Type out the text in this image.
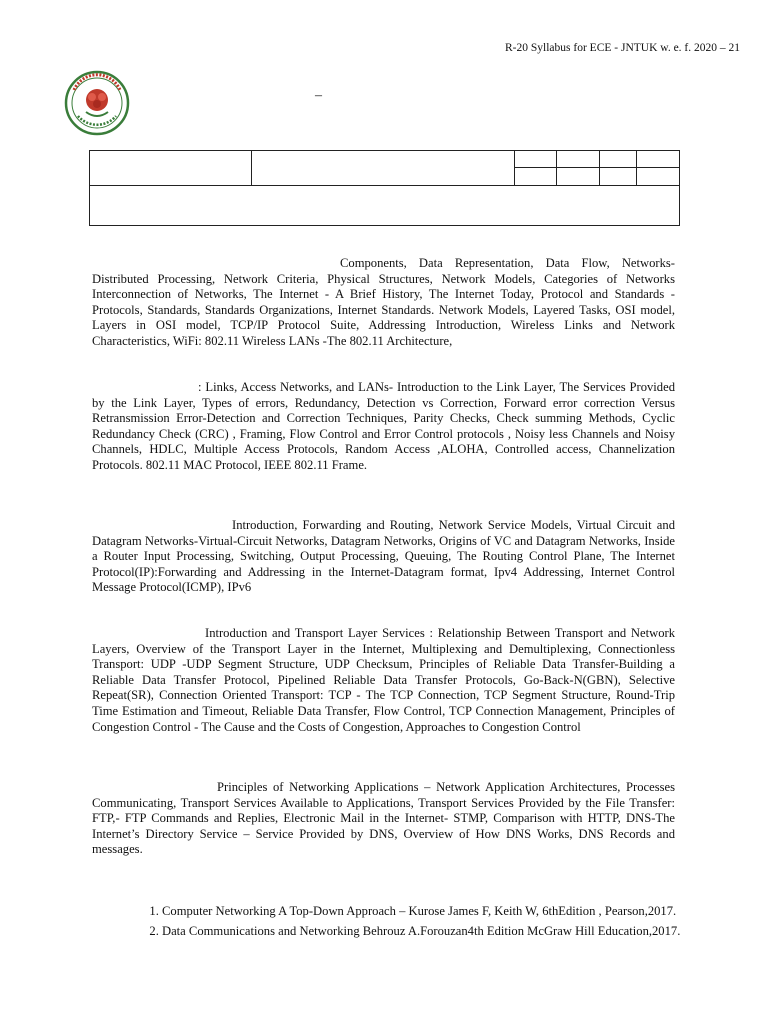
R-20 Syllabus for ECE - JNTUK w. e. f. 2020 – 21
–

Components, Data Representation, Data Flow, Networks-Distributed Processing, Network Criteria, Physical Structures, Network Models, Categories of Networks Interconnection of Networks, The Internet - A Brief History, The Internet Today, Protocol and Standards - Protocols, Standards, Standards Organizations, Internet Standards. Network Models, Layered Tasks, OSI model, Layers in OSI model, TCP/IP Protocol Suite, Addressing Introduction, Wireless Links and Network Characteristics, WiFi: 802.11 Wireless LANs -The 802.11 Architecture,
: Links, Access Networks, and LANs- Introduction to the Link Layer, The Services Provided by the Link Layer, Types of errors, Redundancy, Detection vs Correction, Forward error correction Versus Retransmission Error-Detection and Correction Techniques, Parity Checks, Check summing Methods, Cyclic Redundancy Check (CRC) , Framing, Flow Control and Error Control protocols , Noisy less Channels and Noisy Channels, HDLC, Multiple Access Protocols, Random Access ,ALOHA, Controlled access, Channelization Protocols. 802.11 MAC Protocol, IEEE 802.11 Frame.
Introduction, Forwarding and Routing, Network Service Models, Virtual Circuit and Datagram Networks-Virtual-Circuit Networks, Datagram Networks, Origins of VC and Datagram Networks, Inside a Router Input Processing, Switching, Output Processing, Queuing, The Routing Control Plane, The Internet Protocol(IP):Forwarding and Addressing in the Internet-Datagram format, Ipv4 Addressing, Internet Control Message Protocol(ICMP), IPv6
Introduction and Transport Layer Services : Relationship Between Transport and Network Layers, Overview of the Transport Layer in the Internet, Multiplexing and Demultiplexing, Connectionless Transport: UDP -UDP Segment Structure, UDP Checksum, Principles of Reliable Data Transfer-Building a Reliable Data Transfer Protocol, Pipelined Reliable Data Transfer Protocols, Go-Back-N(GBN), Selective Repeat(SR), Connection Oriented Transport: TCP - The TCP Connection, TCP Segment Structure, Round-Trip Time Estimation and Timeout, Reliable Data Transfer, Flow Control, TCP Connection Management, Principles of Congestion Control - The Cause and the Costs of Congestion, Approaches to Congestion Control
Principles of Networking Applications – Network Application Architectures, Processes Communicating, Transport Services Available to Applications, Transport Services Provided by the File Transfer: FTP,- FTP Commands and Replies, Electronic Mail in the Internet- STMP, Comparison with HTTP, DNS-The Internet’s Directory Service – Service Provided by DNS, Overview of How DNS Works, DNS Records and messages.
1. Computer Networking A Top-Down Approach – Kurose James F, Keith W, 6thEdition , Pearson,2017.
2. Data Communications and Networking Behrouz A.Forouzan4th Edition McGraw Hill Education,2017.
